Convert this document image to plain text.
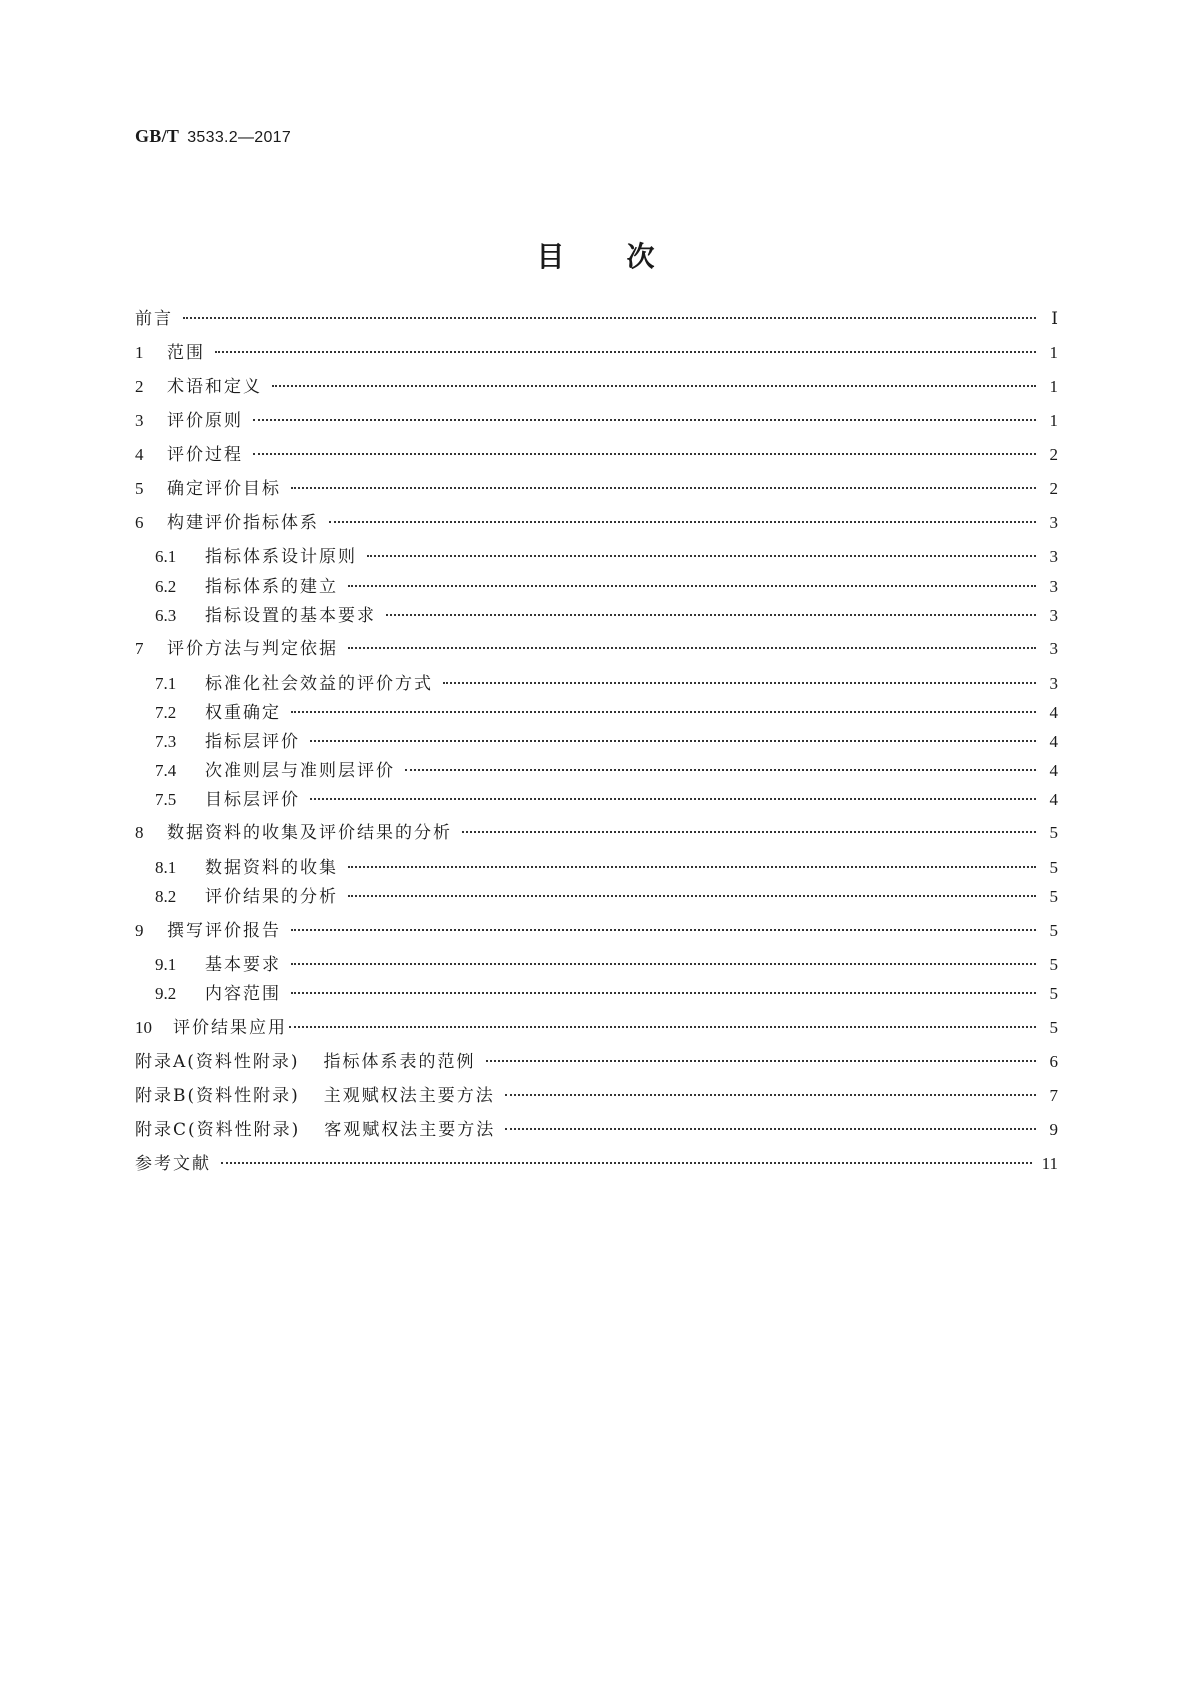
GB/T 3533.2—2017
目次
前言	Ⅰ
1	范围	1
2	术语和定义	1
3	评价原则	1
4	评价过程	2
5	确定评价目标	2
6	构建评价指标体系	3
6.1	指标体系设计原则	3
6.2	指标体系的建立	3
6.3	指标设置的基本要求	3
7	评价方法与判定依据	3
7.1	标准化社会效益的评价方式	3
7.2	权重确定	4
7.3	指标层评价	4
7.4	次准则层与准则层评价	4
7.5	目标层评价	4
8	数据资料的收集及评价结果的分析	5
8.1	数据资料的收集	5
8.2	评价结果的分析	5
9	撰写评价报告	5
9.1	基本要求	5
9.2	内容范围	5
10	评价结果应用	5
附录A(资料性附录) 指标体系表的范例	6
附录B(资料性附录) 主观赋权法主要方法	7
附录C(资料性附录) 客观赋权法主要方法	9
参考文献	11
